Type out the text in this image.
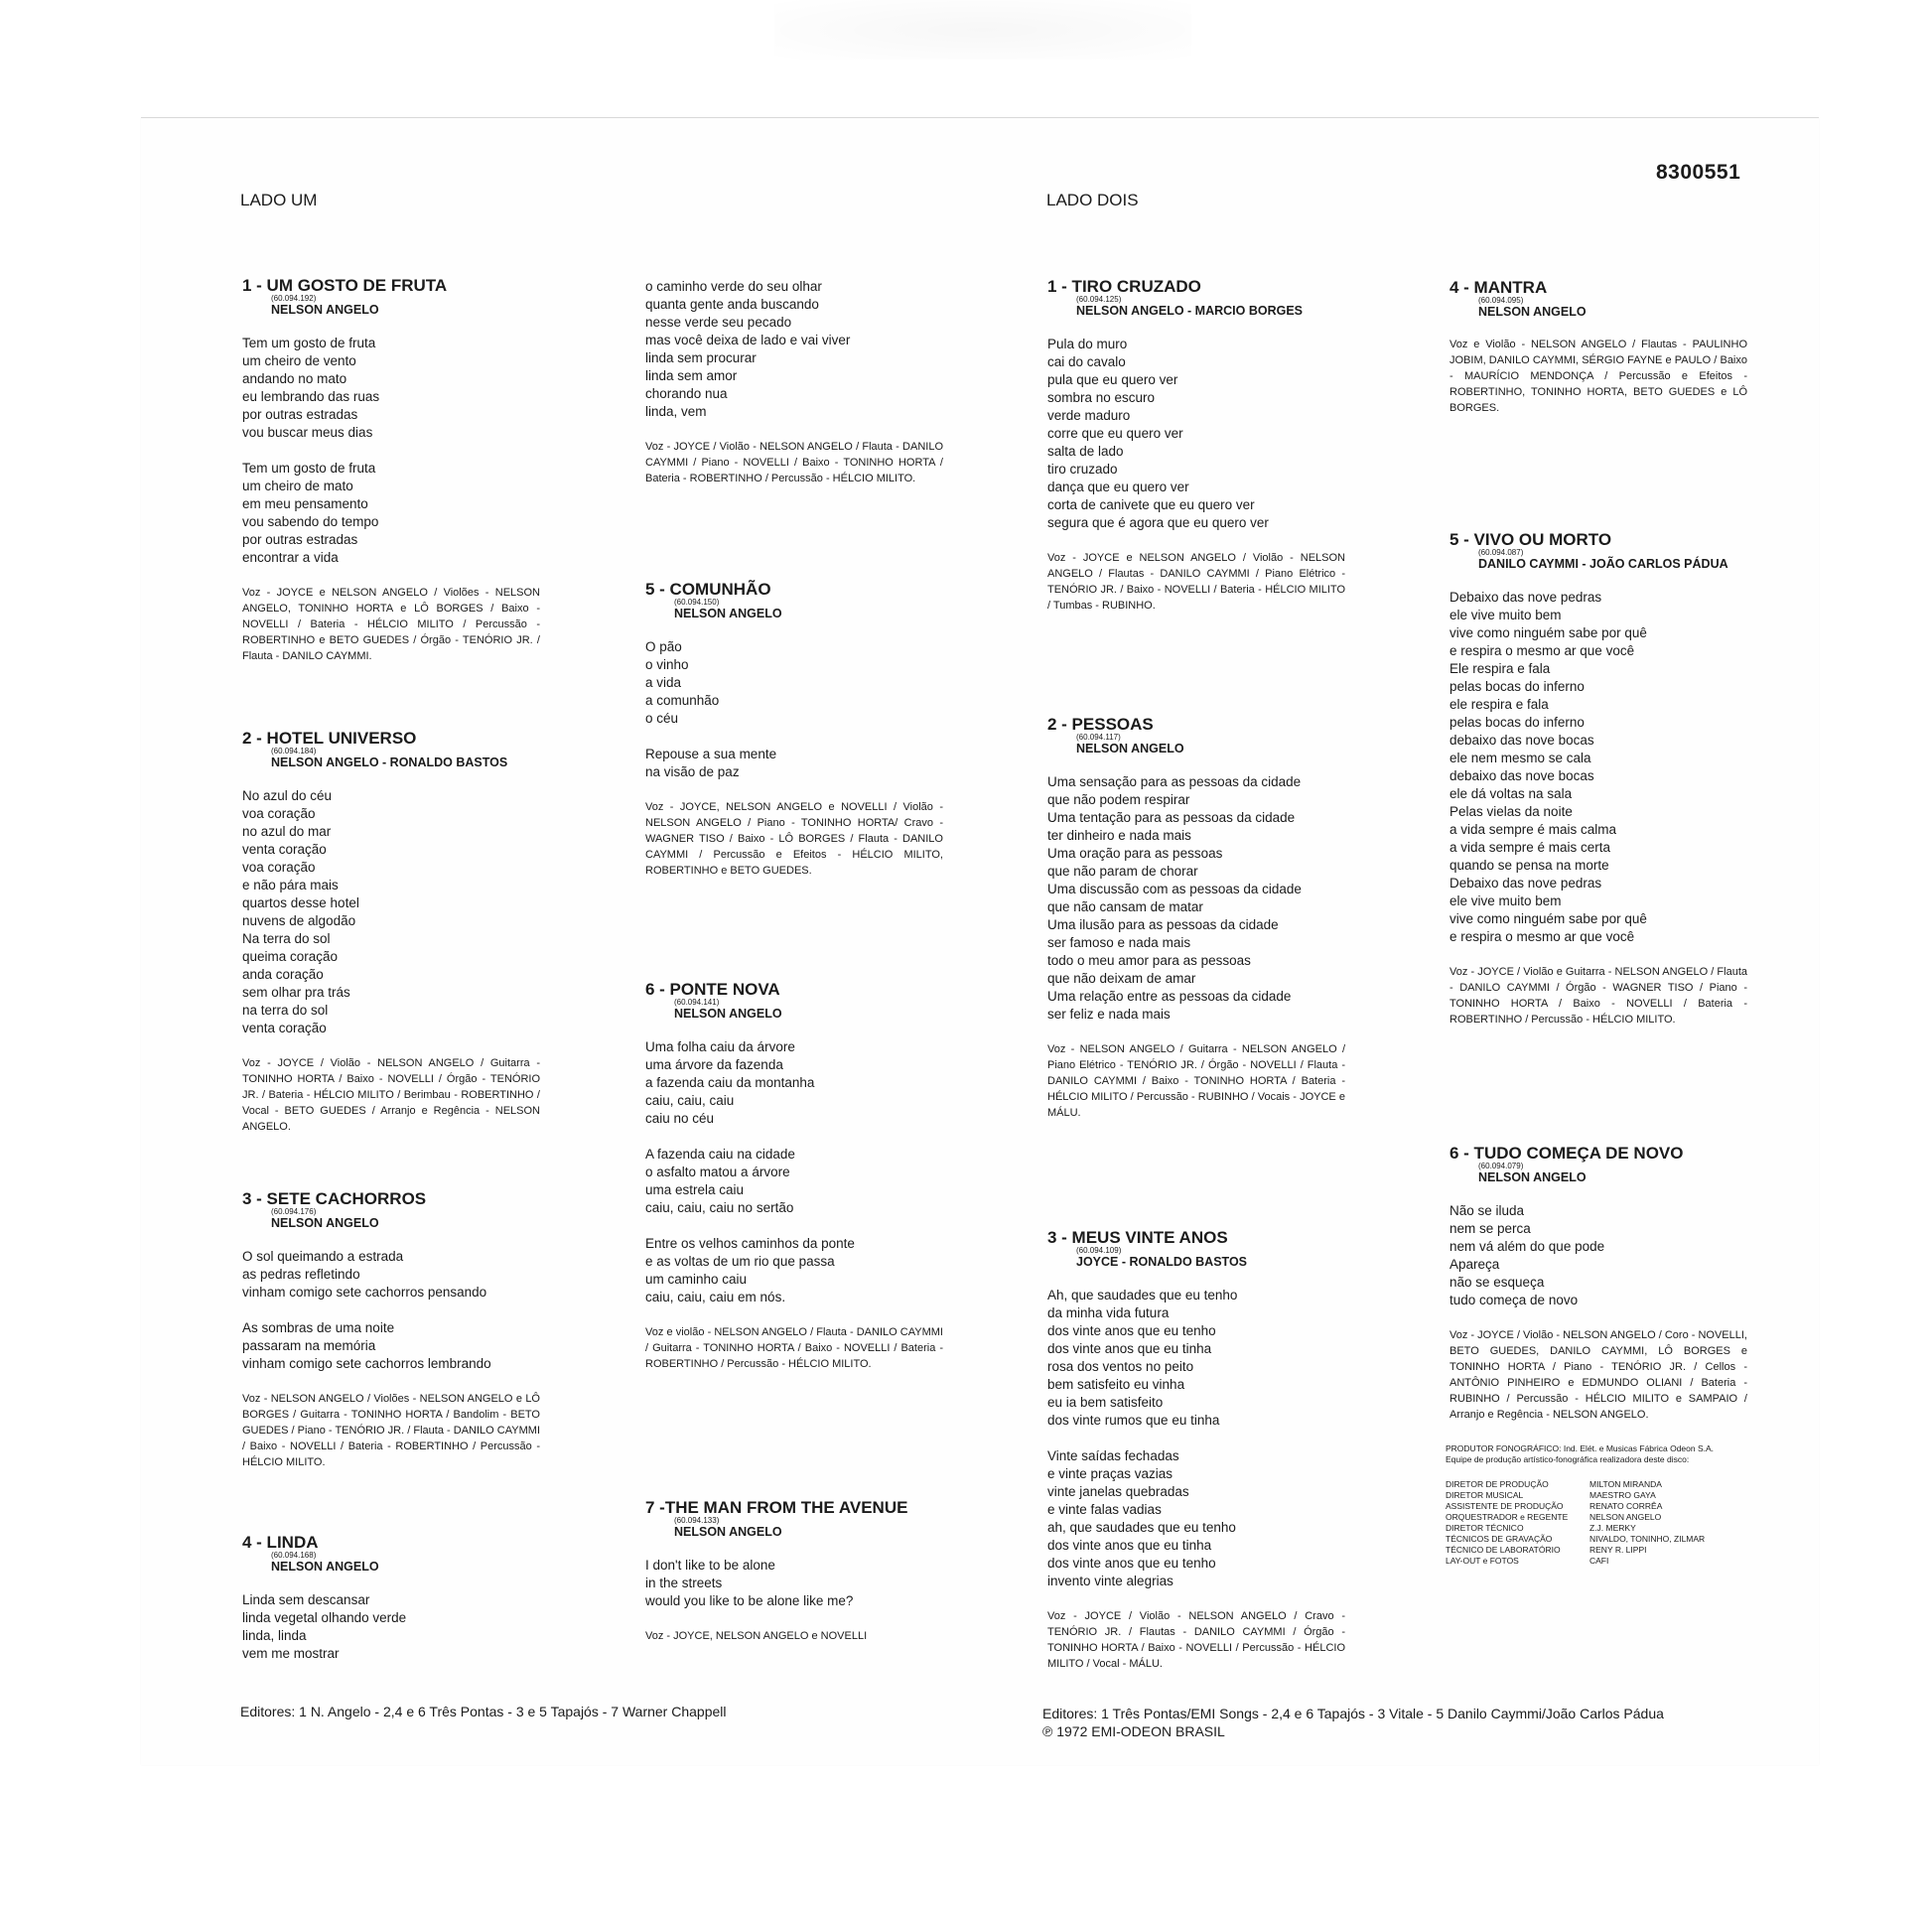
8300551
LADO UM	LADO DOIS
1 - UM GOSTO DE FRUTA
(60.094.192)
NELSON ANGELO

Tem um gosto de fruta

um cheiro de vento

andando no mato

eu lembrando das ruas

por outras estradas

vou buscar meus dias

Tem um gosto de fruta

um cheiro de mato

em meu pensamento

vou sabendo do tempo

por outras estradas

encontrar a vida

Voz - JOYCE e NELSON ANGELO / Violões - NELSON ANGELO, TONINHO HORTA e LÔ BORGES / Baixo - NOVELLI / Bateria - HÉLCIO MILITO / Percussão - ROBERTINHO e BETO GUEDES / Órgão - TENÓRIO JR. / Flauta - DANILO CAYMMI.
2 - HOTEL UNIVERSO
(60.094.184)
NELSON ANGELO - RONALDO BASTOS

No azul do céu

voa coração

no azul do mar

venta coração

voa coração

e não pára mais

quartos desse hotel

nuvens de algodão

Na terra do sol

queima coração

anda coração

sem olhar pra trás

na terra do sol

venta coração

Voz - JOYCE / Violão - NELSON ANGELO / Guitarra - TONINHO HORTA / Baixo - NOVELLI / Órgão - TENÓRIO JR. / Bateria - HÉLCIO MILITO / Berimbau - ROBERTINHO / Vocal - BETO GUEDES / Arranjo e Regência - NELSON ANGELO.
3 - SETE CACHORROS
(60.094.176)
NELSON ANGELO

O sol queimando a estrada

as pedras refletindo

vinham comigo sete cachorros pensando

As sombras de uma noite

passaram na memória

vinham comigo sete cachorros lembrando

Voz - NELSON ANGELO / Violões - NELSON ANGELO e LÔ BORGES / Guitarra - TONINHO HORTA / Bandolim - BETO GUEDES / Piano - TENÓRIO JR. / Flauta - DANILO CAYMMI / Baixo - NOVELLI / Bateria - ROBERTINHO / Percussão - HÉLCIO MILITO.
4 - LINDA
(60.094.168)
NELSON ANGELO

Linda sem descansar

linda vegetal olhando verde

linda, linda

vem me mostrar

o caminho verde do seu olhar

quanta gente anda buscando

nesse verde seu pecado

mas você deixa de lado e vai viver

linda sem procurar

linda sem amor

chorando nua

linda, vem

Voz - JOYCE / Violão - NELSON ANGELO / Flauta - DANILO CAYMMI / Piano - NOVELLI / Baixo - TONINHO HORTA / Bateria - ROBERTINHO / Percussão - HÉLCIO MILITO.
5 - COMUNHÃO
(60.094.150)
NELSON ANGELO

O pão

o vinho

a vida

a comunhão

o céu

Repouse a sua mente

na visão de paz

Voz - JOYCE, NELSON ANGELO e NOVELLI / Violão - NELSON ANGELO / Piano - TONINHO HORTA/ Cravo - WAGNER TISO / Baixo - LÔ BORGES / Flauta - DANILO CAYMMI / Percussão e Efeitos - HÉLCIO MILITO, ROBERTINHO e BETO GUEDES.
6 - PONTE NOVA
(60.094.141)
NELSON ANGELO

Uma folha caiu da árvore

uma árvore da fazenda

a fazenda caiu da montanha

caiu, caiu, caiu

caiu no céu

A fazenda caiu na cidade

o asfalto matou a árvore

uma estrela caiu

caiu, caiu, caiu no sertão

Entre os velhos caminhos da ponte

e as voltas de um rio que passa

um caminho caiu

caiu, caiu, caiu em nós.

Voz e violão - NELSON ANGELO / Flauta - DANILO CAYMMI / Guitarra - TONINHO HORTA / Baixo - NOVELLI / Bateria - ROBERTINHO / Percussão - HÉLCIO MILITO.
7 -THE MAN FROM THE AVENUE
(60.094.133)
NELSON ANGELO

I don't like to be alone

in the streets

would you like to be alone like me?

Voz - JOYCE, NELSON ANGELO e NOVELLI
1 - TIRO CRUZADO
(60.094.125)
NELSON ANGELO - MARCIO BORGES

Pula do muro

cai do cavalo

pula que eu quero ver

sombra no escuro

verde maduro

corre que eu quero ver

salta de lado

tiro cruzado

dança que eu quero ver

corta de canivete que eu quero ver

segura que é agora que eu quero ver

Voz - JOYCE e NELSON ANGELO / Violão - NELSON ANGELO / Flautas - DANILO CAYMMI / Piano Elétrico - TENÓRIO JR. / Baixo - NOVELLI / Bateria - HÉLCIO MILITO / Tumbas - RUBINHO.
2 - PESSOAS
(60.094.117)
NELSON ANGELO

Uma sensação para as pessoas da cidade

que não podem respirar

Uma tentação para as pessoas da cidade

ter dinheiro e nada mais

Uma oração para as pessoas

que não param de chorar

Uma discussão com as pessoas da cidade

que não cansam de matar

Uma ilusão para as pessoas da cidade

ser famoso e nada mais

todo o meu amor para as pessoas

que não deixam de amar

Uma relação entre as pessoas da cidade

ser feliz e nada mais

Voz - NELSON ANGELO / Guitarra - NELSON ANGELO / Piano Elétrico - TENÓRIO JR. / Órgão - NOVELLI / Flauta - DANILO CAYMMI / Baixo - TONINHO HORTA / Bateria - HÉLCIO MILITO / Percussão - RUBINHO / Vocais - JOYCE e MÁLU.
3 - MEUS VINTE ANOS
(60.094.109)
JOYCE - RONALDO BASTOS

Ah, que saudades que eu tenho

da minha vida futura

dos vinte anos que eu tenho

dos vinte anos que eu tinha

rosa dos ventos no peito

bem satisfeito eu vinha

eu ia bem satisfeito

dos vinte rumos que eu tinha

Vinte saídas fechadas

e vinte praças vazias

vinte janelas quebradas

e vinte falas vadias

ah, que saudades que eu tenho

dos vinte anos que eu tinha

dos vinte anos que eu tenho

invento vinte alegrias

Voz - JOYCE / Violão - NELSON ANGELO / Cravo - TENÓRIO JR. / Flautas - DANILO CAYMMI / Órgão - TONINHO HORTA / Baixo - NOVELLI / Percussão - HÉLCIO MILITO / Vocal - MÁLU.
4 - MANTRA
(60.094.095)
NELSON ANGELO
Voz e Violão - NELSON ANGELO / Flautas - PAULINHO JOBIM, DANILO CAYMMI, SÉRGIO FAYNE e PAULO / Baixo - MAURÍCIO MENDONÇA / Percussão e Efeitos - ROBERTINHO, TONINHO HORTA, BETO GUEDES e LÔ BORGES.
5 - VIVO OU MORTO
(60.094.087)
DANILO CAYMMI - JOÃO CARLOS PÁDUA

Debaixo das nove pedras

ele vive muito bem

vive como ninguém sabe por quê

e respira o mesmo ar que você

Ele respira e fala

pelas bocas do inferno

ele respira e fala

pelas bocas do inferno

debaixo das nove bocas

ele nem mesmo se cala

debaixo das nove bocas

ele dá voltas na sala

Pelas vielas da noite

a vida sempre é mais calma

a vida sempre é mais certa

quando se pensa na morte

Debaixo das nove pedras

ele vive muito bem

vive como ninguém sabe por quê

e respira o mesmo ar que você

Voz - JOYCE / Violão e Guitarra - NELSON ANGELO / Flauta - DANILO CAYMMI / Órgão - WAGNER TISO / Piano - TONINHO HORTA / Baixo - NOVELLI / Bateria - ROBERTINHO / Percussão - HÉLCIO MILITO.
6 - TUDO COMEÇA DE NOVO
(60.094.079)
NELSON ANGELO

Não se iluda

nem se perca

nem vá além do que pode

Apareça

não se esqueça

tudo começa de novo

Voz - JOYCE / Violão - NELSON ANGELO / Coro - NOVELLI, BETO GUEDES, DANILO CAYMMI, LÔ BORGES e TONINHO HORTA / Piano - TENÓRIO JR. / Cellos - ANTÔNIO PINHEIRO e EDMUNDO OLIANI / Bateria - RUBINHO / Percussão - HÉLCIO MILITO e SAMPAIO / Arranjo e Regência - NELSON ANGELO.
PRODUTOR FONOGRÁFICO: Ind. Elét. e Musicas Fábrica Odeon S.A.
Equipe de produção artístico-fonográfica realizadora deste disco:
DIRETOR DE PRODUÇÃO	MILTON MIRANDA
DIRETOR MUSICAL	MAESTRO GAYA
ASSISTENTE DE PRODUÇÃO	RENATO CORRÊA
ORQUESTRADOR e REGENTE	NELSON ANGELO
DIRETOR TÉCNICO	Z.J. MERKY
TÉCNICOS DE GRAVAÇÃO	NIVALDO, TONINHO, ZILMAR
TÉCNICO DE LABORATÓRIO	RENY R. LIPPI
LAY-OUT e FOTOS	CAFI
Editores: 1 N. Angelo - 2,4 e 6 Três Pontas - 3 e 5 Tapajós - 7 Warner Chappell	Editores: 1 Três Pontas/EMI Songs - 2,4 e 6 Tapajós - 3 Vitale - 5 Danilo Caymmi/João Carlos Pádua
℗ 1972 EMI-ODEON BRASIL
